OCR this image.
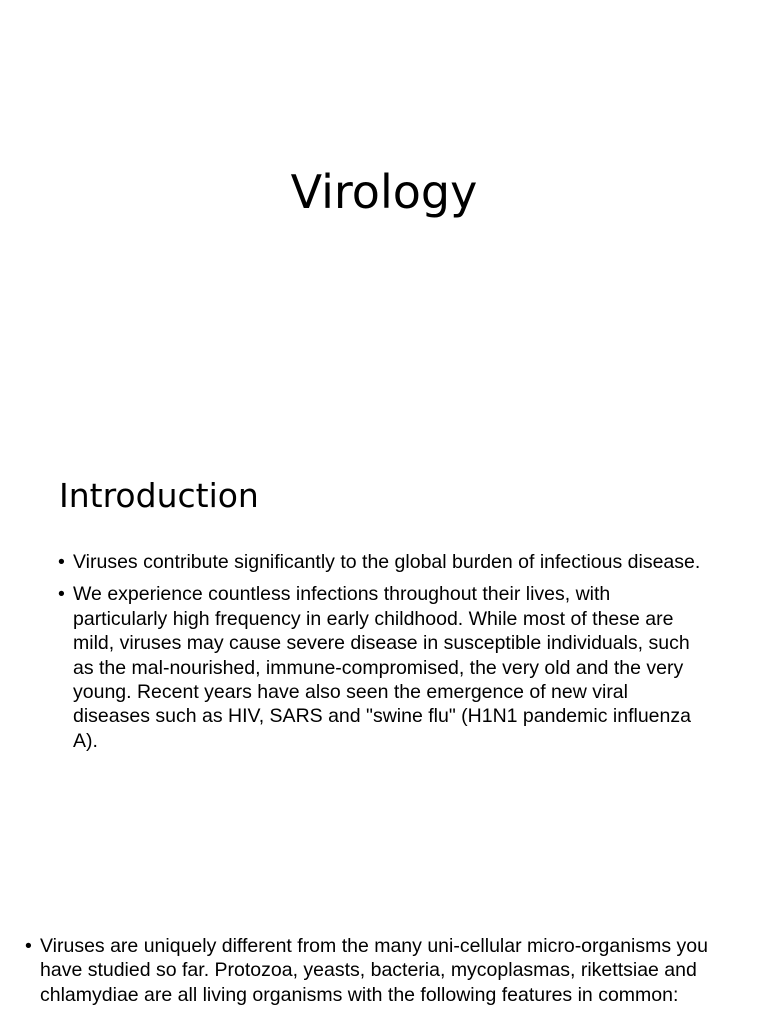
Virology
Introduction
• Viruses contribute significantly to the global burden of infectious disease.
• We experience countless infections throughout their lives, with particularly high frequency in early childhood. While most of these are mild, viruses may cause severe disease in susceptible individuals, such as the mal-nourished, immune-compromised, the very old and the very young. Recent years have also seen the emergence of new viral diseases such as HIV, SARS and "swine flu" (H1N1 pandemic influenza A).
• Viruses are uniquely different from the many uni-cellular micro-organisms you have studied so far. Protozoa, yeasts, bacteria, mycoplasmas, rikettsiae and chlamydiae are all living organisms with the following features in common:
